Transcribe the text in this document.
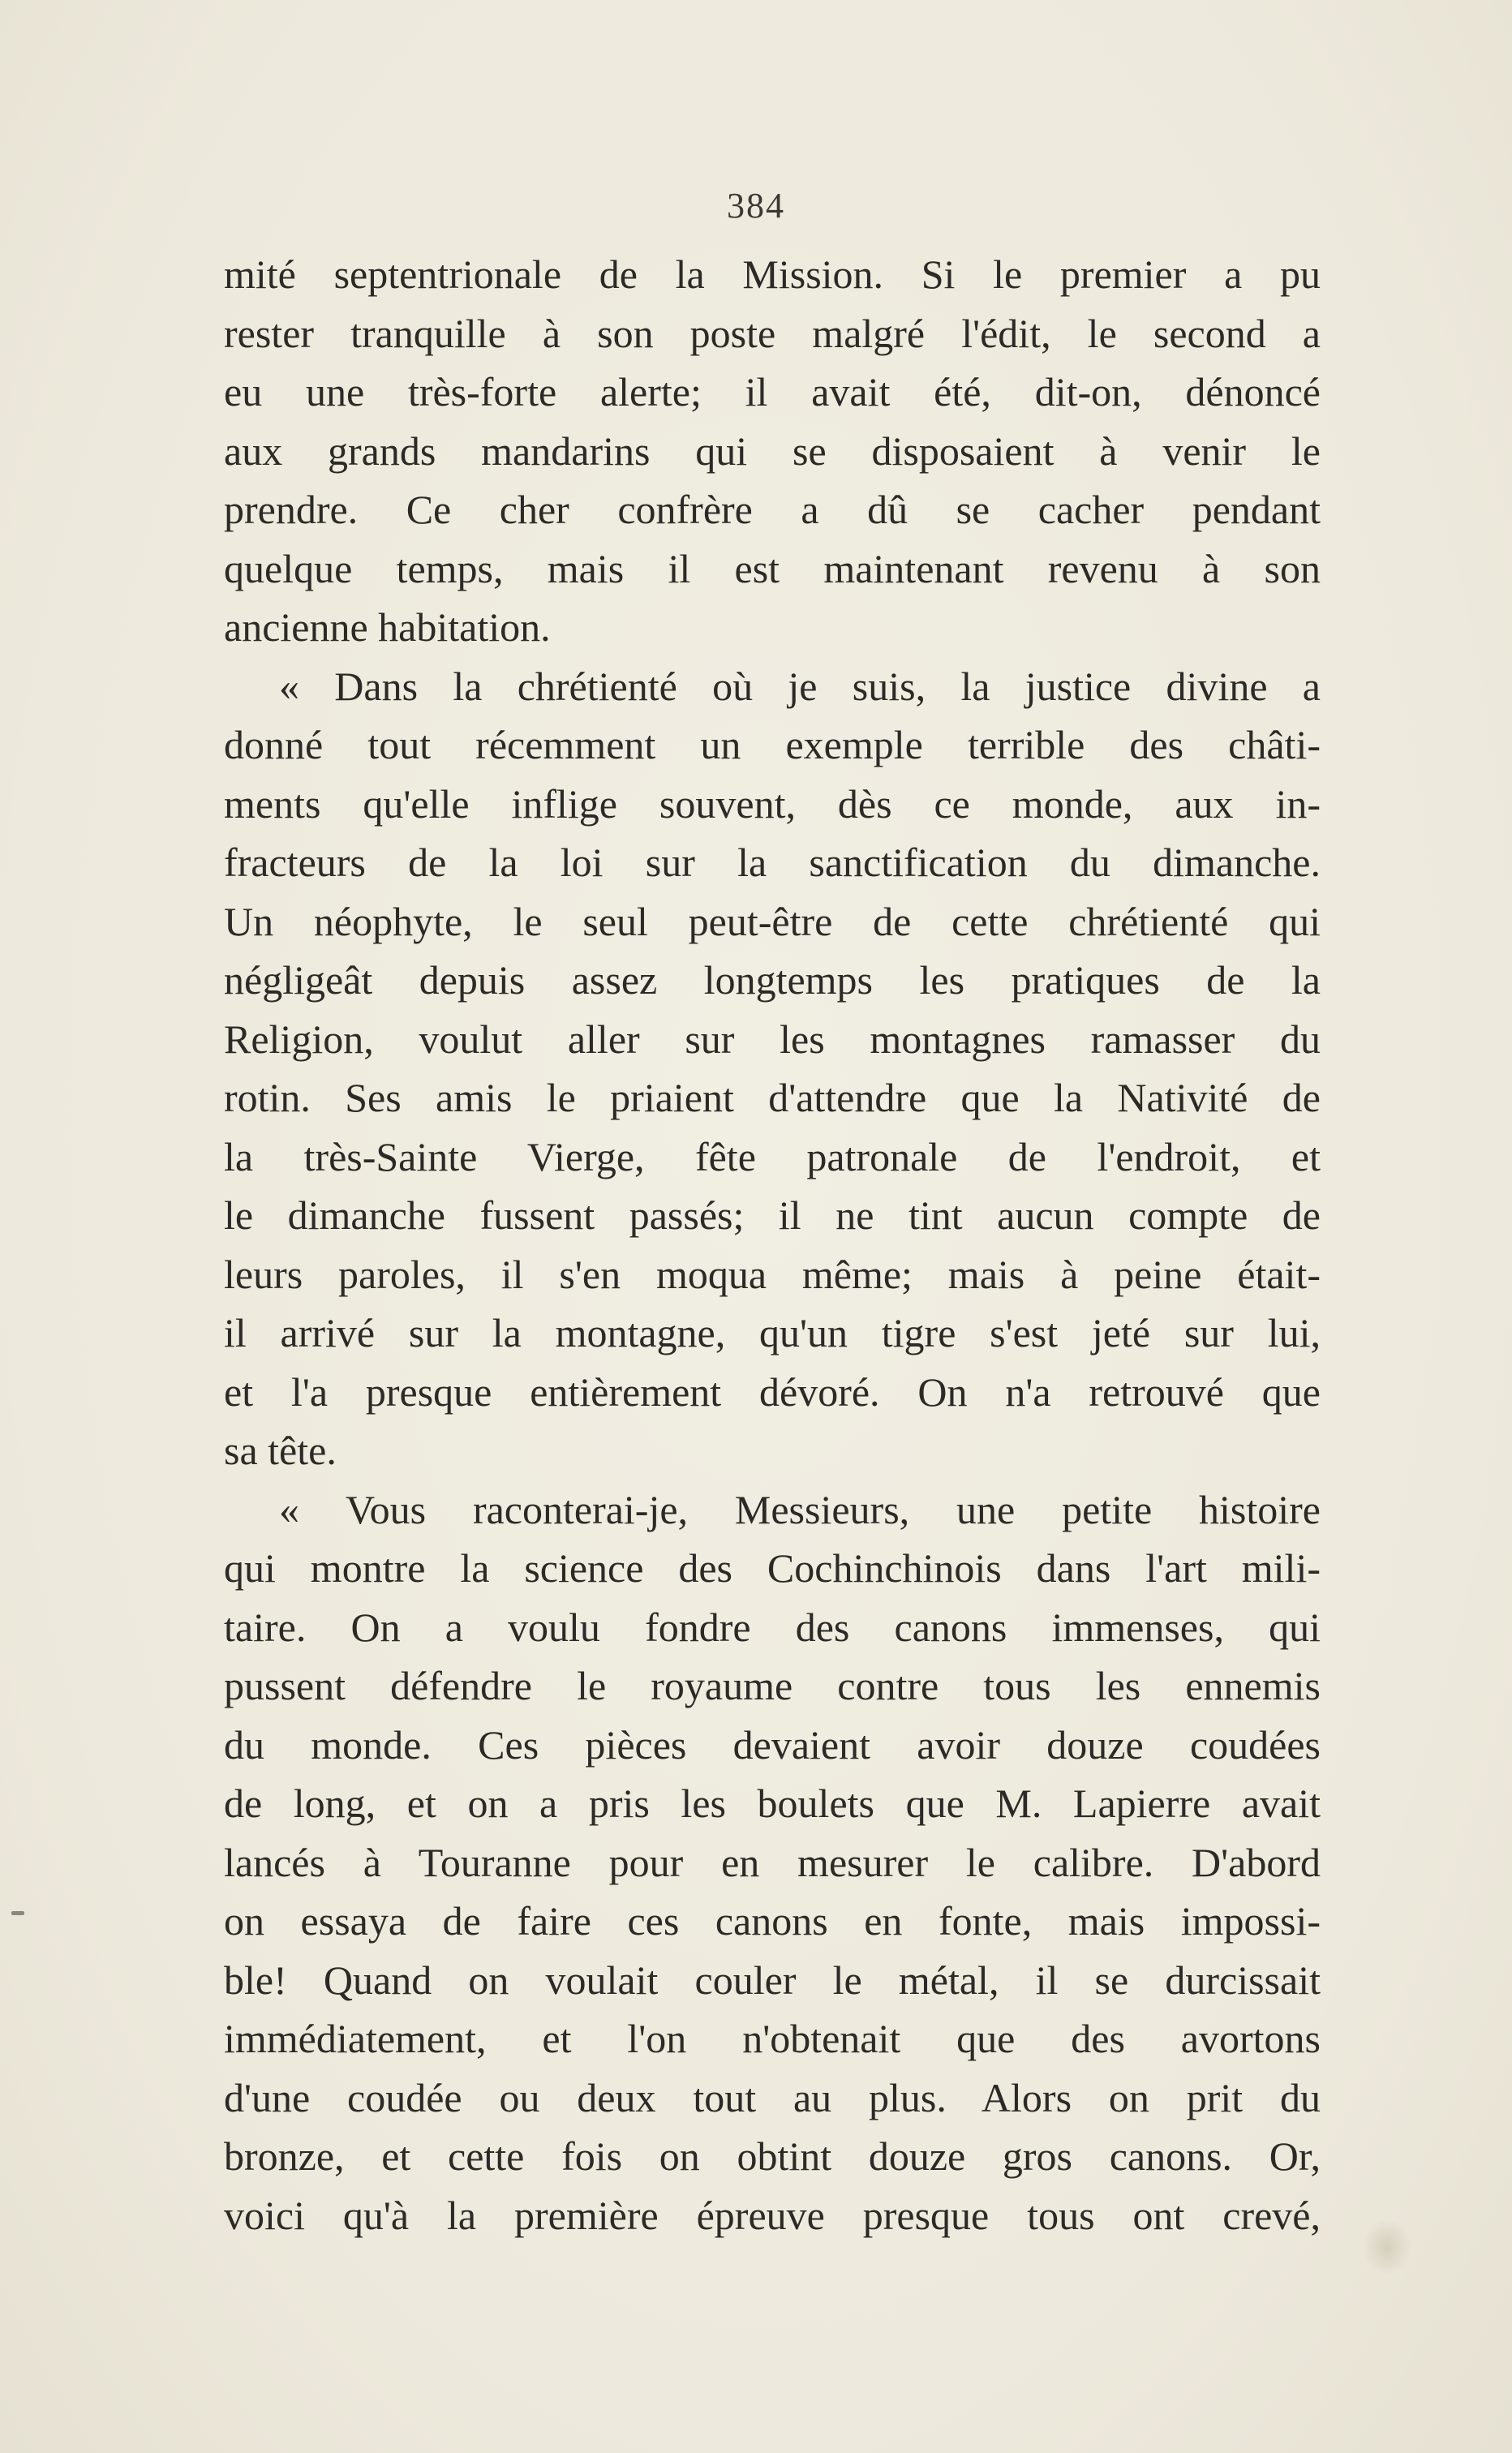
384
mité septentrionale de la Mission. Si le premier a pu
rester tranquille à son poste malgré l'édit, le second a
eu une très-forte alerte; il avait été, dit-on, dénoncé
aux grands mandarins qui se disposaient à venir le
prendre. Ce cher confrère a dû se cacher pendant
quelque temps, mais il est maintenant revenu à son
ancienne habitation.
« Dans la chrétienté où je suis, la justice divine a
donné tout récemment un exemple terrible des châti-
ments qu'elle inflige souvent, dès ce monde, aux in-
fracteurs de la loi sur la sanctification du dimanche.
Un néophyte, le seul peut-être de cette chrétienté qui
négligeât depuis assez longtemps les pratiques de la
Religion, voulut aller sur les montagnes ramasser du
rotin. Ses amis le priaient d'attendre que la Nativité de
la très-Sainte Vierge, fête patronale de l'endroit, et
le dimanche fussent passés; il ne tint aucun compte de
leurs paroles, il s'en moqua même; mais à peine était-
il arrivé sur la montagne, qu'un tigre s'est jeté sur lui,
et l'a presque entièrement dévoré. On n'a retrouvé que
sa tête.
« Vous raconterai-je, Messieurs, une petite histoire
qui montre la science des Cochinchinois dans l'art mili-
taire. On a voulu fondre des canons immenses, qui
pussent défendre le royaume contre tous les ennemis
du monde. Ces pièces devaient avoir douze coudées
de long, et on a pris les boulets que M. Lapierre avait
lancés à Touranne pour en mesurer le calibre. D'abord
on essaya de faire ces canons en fonte, mais impossi-
ble! Quand on voulait couler le métal, il se durcissait
immédiatement, et l'on n'obtenait que des avortons
d'une coudée ou deux tout au plus. Alors on prit du
bronze, et cette fois on obtint douze gros canons. Or,
voici qu'à la première épreuve presque tous ont crevé,
